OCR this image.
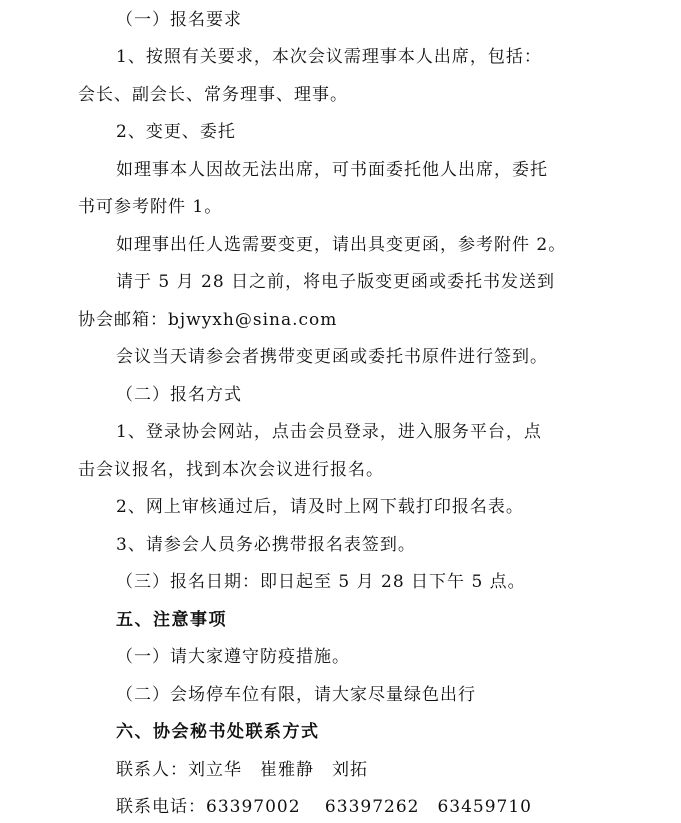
（一）报名要求
1、按照有关要求，本次会议需理事本人出席，包括：
会长、副会长、常务理事、理事。
2、变更、委托
如理事本人因故无法出席，可书面委托他人出席，委托
书可参考附件 1。
如理事出任人选需要变更，请出具变更函，参考附件 2。
请于 5 月 28 日之前，将电子版变更函或委托书发送到
协会邮箱：bjwyxh@sina.com
会议当天请参会者携带变更函或委托书原件进行签到。
（二）报名方式
1、登录协会网站，点击会员登录，进入服务平台，点
击会议报名，找到本次会议进行报名。
2、网上审核通过后，请及时上网下载打印报名表。
3、请参会人员务必携带报名表签到。
（三）报名日期：即日起至 5 月 28 日下午 5 点。
五、注意事项
（一）请大家遵守防疫措施。
（二）会场停车位有限，请大家尽量绿色出行
六、协会秘书处联系方式
联系人：刘立华　崔雅静　刘拓
联系电话：63397002　 63397262　63459710
